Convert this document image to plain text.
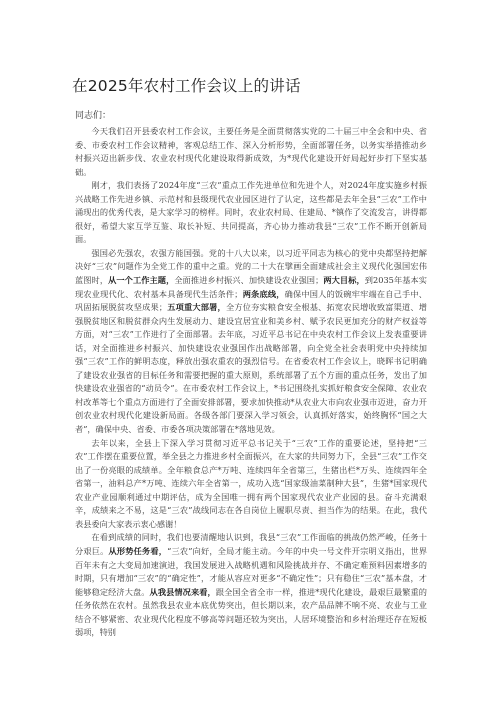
在2025年农村工作会议上的讲话
同志们：

今天我们召开县委农村工作会议，主要任务是全面贯彻落实党的二十届三中全会和中央、省委、市委农村工作会议精神，客观总结工作、深入分析形势，全面部署任务，以务实举措推动乡村振兴迈出新步伐、农业农村现代化建设取得新成效，为*现代化建设开好局起好步打下坚实基础。

刚才，我们表扬了2024年度“三农”重点工作先进单位和先进个人，对2024年度实施乡村振兴战略工作先进乡镇、示范村和县级现代农业园区进行了认定，这些都是去年全县“三农”工作中涌现出的优秀代表，是大家学习的榜样。同时，农业农村局、住建局、*镇作了交流发言，讲得都很好，希望大家互学互鉴、取长补短、共同提高，齐心协力推动我县“三农”工作不断开创新局面。

强国必先强农，农强方能国强。党的十八大以来，以习近平同志为核心的党中央都坚持把解决好“三农”问题作为全党工作的重中之重。党的二十大在擘画全面建成社会主义现代化强国宏伟蓝图时，从一个工作主题，全面推进乡村振兴、加快建设农业强国；两大目标，到2035年基本实现农业现代化、农村基本具备现代生活条件；两条底线，确保中国人的饭碗牢牢端在自己手中、巩固拓展脱贫攻坚成果；五项重大部署，全方位夯实粮食安全根基、拓宽农民增收致富渠道、增强脱贫地区和脱贫群众内生发展动力、建设宜居宜业和美乡村、赋予农民更加充分的财产权益等方面，对“三农”工作进行了全面部署。去年底，习近平总书记在中央农村工作会议上发表重要讲话，对全面推进乡村振兴、加快建设农业强国作出战略部署，向全党全社会表明党中央持续加强“三农”工作的鲜明态度，释放出强农重农的强烈信号。在省委农村工作会议上，晓晖书记明确了建设农业强省的目标任务和需要把握的重大原则，系统部署了五个方面的重点任务，发出了加快建设农业强省的“动员令”。在市委农村工作会议上，*书记围绕扎实抓好粮食安全保障、农业农村改革等七个重点方面进行了全面安排部署，要求加快推动*从农业大市向农业强市迈进，奋力开创农业农村现代化建设新局面。各级各部门要深入学习领会，认真抓好落实，始终胸怀“国之大者”，确保中央、省委、市委各项决策部署在*落地见效。

去年以来，全县上下深入学习贯彻习近平总书记关于“三农”工作的重要论述，坚持把“三农”工作摆在重要位置，举全县之力推进乡村全面振兴，在大家的共同努力下，全县“三农”工作交出了一份亮眼的成绩单。全年粮食总产*万吨、连续四年全省第三，生猪出栏*万头、连续四年全省第一，油料总产*万吨、连续六年全省第一，成功入选“国家级油菜制种大县”，生猪*国家现代农业产业园顺利通过中期评估，成为全国唯一拥有两个国家现代农业产业园的县。奋斗充满艰辛，成绩来之不易，这是“三农”战线同志在各自岗位上履职尽责、担当作为的结果。在此，我代表县委向大家表示衷心感谢！

在看到成绩的同时，我们也要清醒地认识到，我县“三农”工作面临的挑战仍然严峻，任务十分艰巨。从形势任务看，“三农”向好，全局才能主动。今年的中央一号文件开宗明义指出，世界百年未有之大变局加速演进，我国发展进入战略机遇和风险挑战并存、不确定难预料因素增多的时期，只有增加“三农”的“确定性”，才能从容应对更多“不确定性”；只有稳住“三农”基本盘，才能够稳定经济大盘。从我县情况来看，跟全国全省全市一样，推进*现代化建设，最艰巨最繁重的任务依然在农村。虽然我县农业本底优势突出，但长期以来，农产品品牌不响不亮、农业与工业结合不够紧密、农业现代化程度不够高等问题还较为突出，人居环境整治和乡村治理还存在短板弱项，特别
